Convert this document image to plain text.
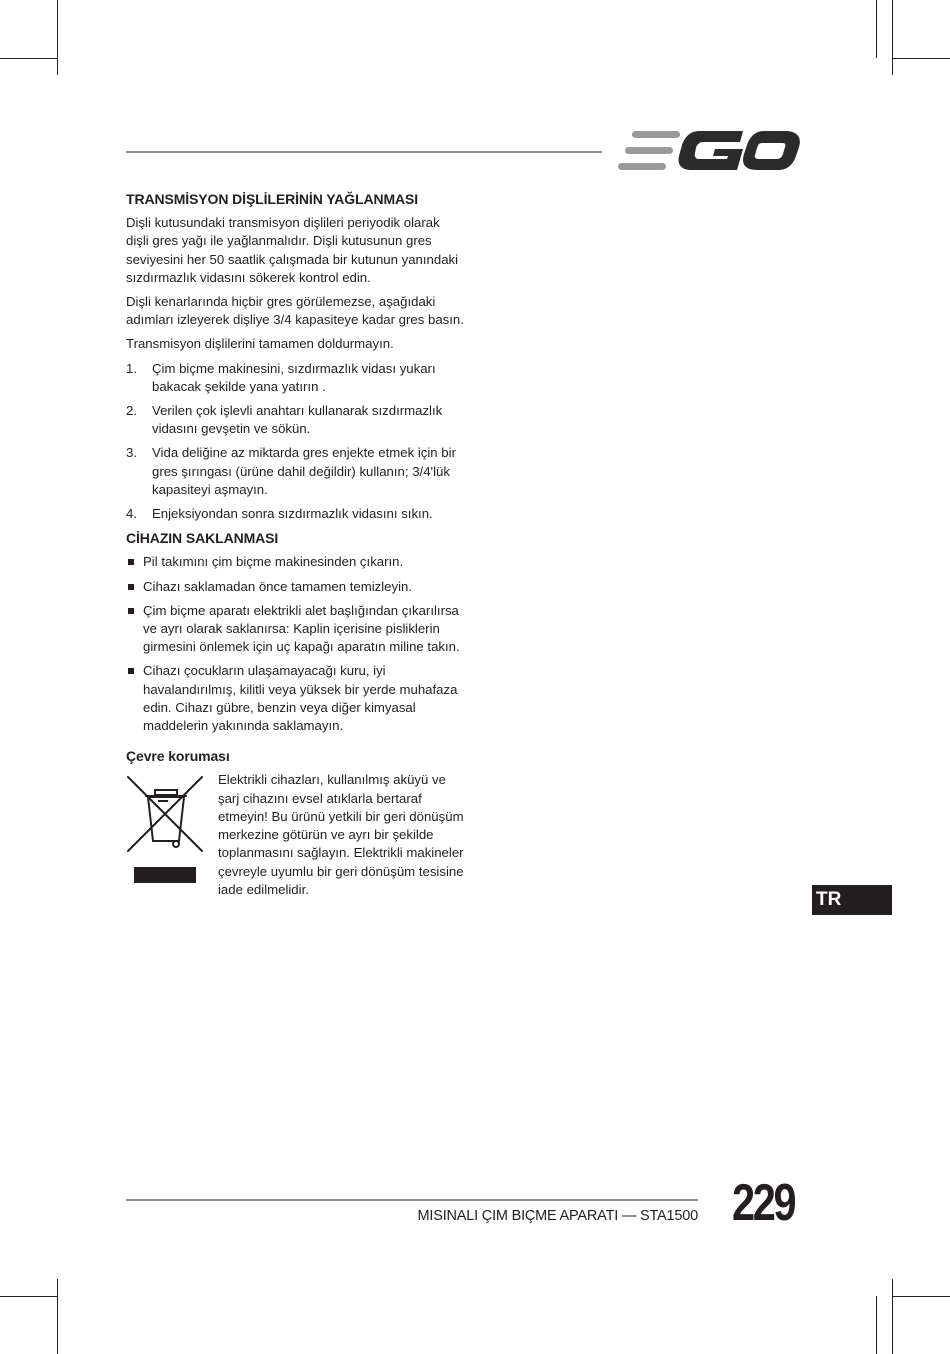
TRANSMİSYON DİŞLİLERİNİN YAĞLANMASI

Dişli kutusundaki transmisyon dişlileri periyodik olarak dişli gres yağı ile yağlanmalıdır. Dişli kutusunun gres seviyesini her 50 saatlik çalışmada bir kutunun yanındaki sızdırmazlık vidasını sökerek kontrol edin.

Dişli kenarlarında hiçbir gres görülemezse, aşağıdaki adımları izleyerek dişliye 3/4 kapasiteye kadar gres basın.

Transmisyon dişlilerini tamamen doldurmayın.

1. Çim biçme makinesini, sızdırmazlık vidası yukarı bakacak şekilde yana yatırın .
2. Verilen çok işlevli anahtarı kullanarak sızdırmazlık vidasını gevşetin ve sökün.
3. Vida deliğine az miktarda gres enjekte etmek için bir gres şırıngası (ürüne dahil değildir) kullanın; 3/4'lük kapasiteyi aşmayın.
4. Enjeksiyondan sonra sızdırmazlık vidasını sıkın.
CİHAZIN SAKLANMASI
Pil takımını çim biçme makinesinden çıkarın.
Cihazı saklamadan önce tamamen temizleyin.
Çim biçme aparatı elektrikli alet başlığından çıkarılırsa ve ayrı olarak saklanırsa: Kaplin içerisine pisliklerin girmesini önlemek için uç kapağı aparatın miline takın.
Cihazı çocukların ulaşamayacağı kuru, iyi havalandırılmış, kilitli veya yüksek bir yerde muhafaza edin. Cihazı gübre, benzin veya diğer kimyasal maddelerin yakınında saklamayın.
Çevre koruması
Elektrikli cihazları, kullanılmış aküyü ve şarj cihazını evsel atıklarla bertaraf etmeyin! Bu ürünü yetkili bir geri dönüşüm merkezine götürün ve ayrı bir şekilde toplanmasını sağlayın. Elektrikli makineler çevreyle uyumlu bir geri dönüşüm tesisine iade edilmelidir.	TR
MISINALI ÇIM BIÇME APARATI — STA1500 229
